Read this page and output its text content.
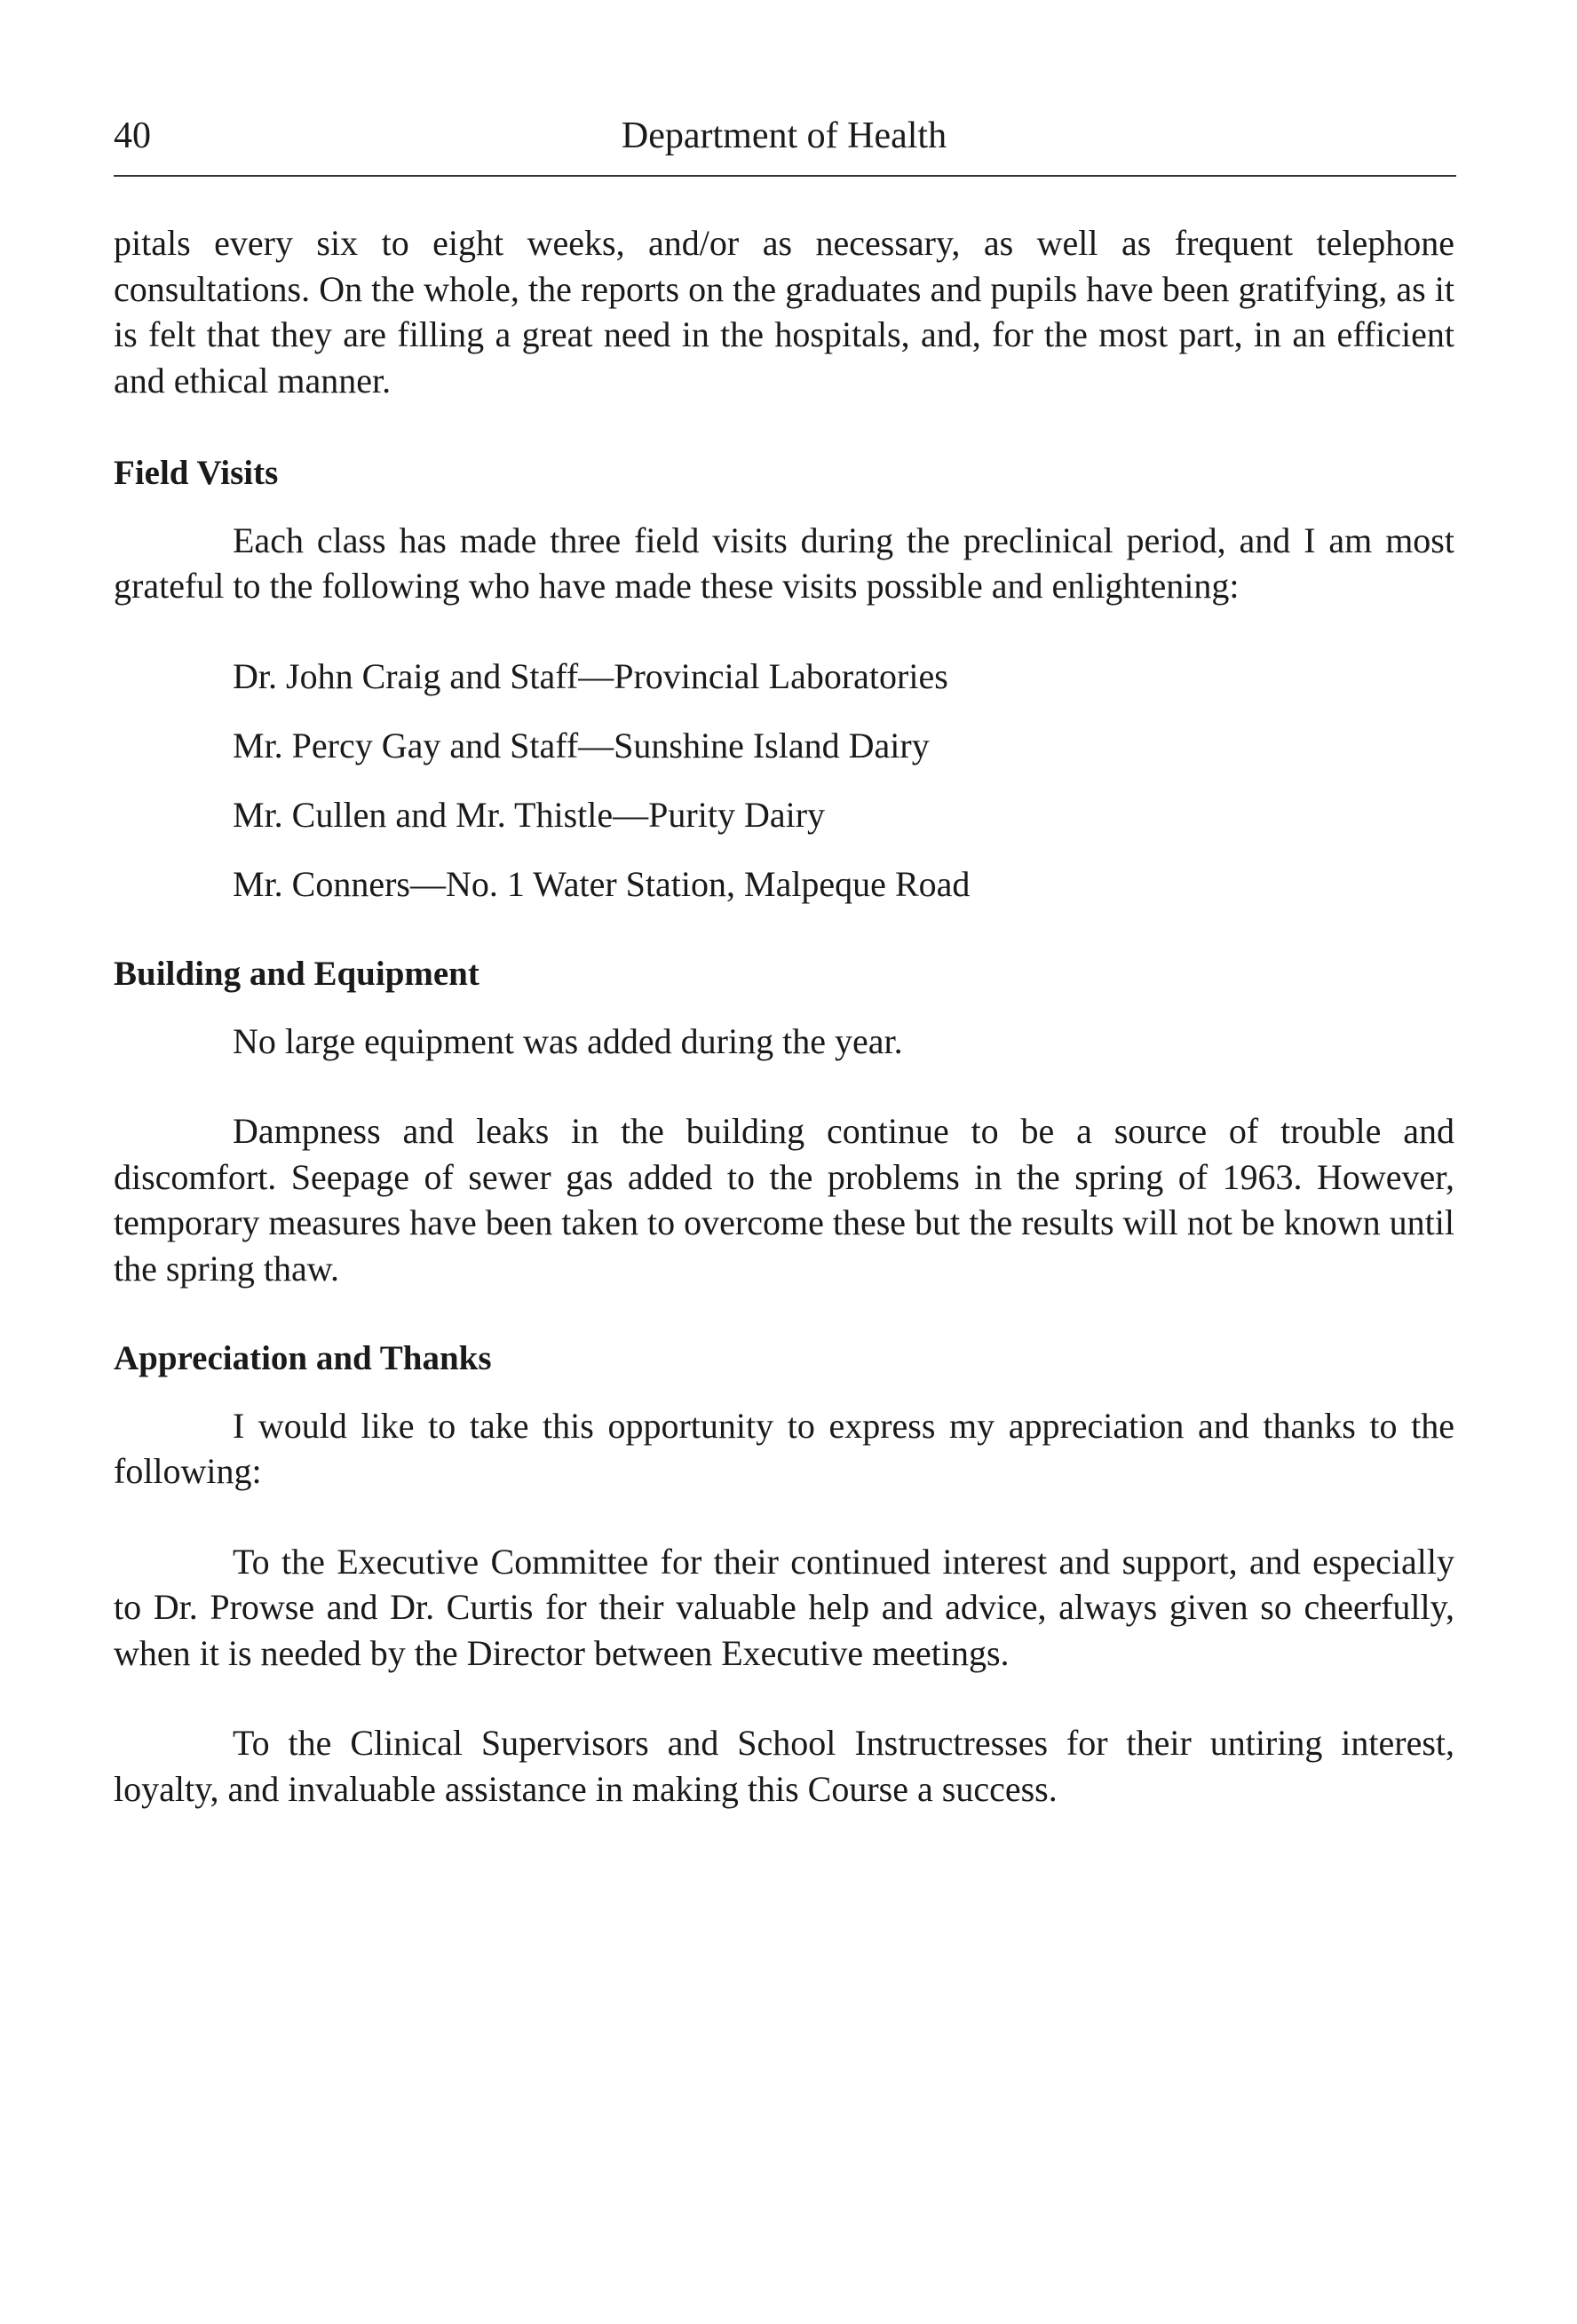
40	Department of Health

pitals every six to eight weeks, and/or as necessary, as well as frequent telephone consultations. On the whole, the reports on the graduates and pupils have been gratifying, as it is felt that they are filling a great need in the hospitals, and, for the most part, in an efficient and ethical manner.

Field Visits

Each class has made three field visits during the preclinical period, and I am most grateful to the following who have made these visits possible and enlightening:

Dr. John Craig and Staff—Provincial Laboratories
Mr. Percy Gay and Staff—Sunshine Island Dairy
Mr. Cullen and Mr. Thistle—Purity Dairy
Mr. Conners—No. 1 Water Station, Malpeque Road
Building and Equipment

No large equipment was added during the year.

Dampness and leaks in the building continue to be a source of trouble and discomfort. Seepage of sewer gas added to the problems in the spring of 1963. However, temporary measures have been taken to overcome these but the results will not be known until the spring thaw.

Appreciation and Thanks

I would like to take this opportunity to express my appreciation and thanks to the following:

To the Executive Committee for their continued interest and support, and especially to Dr. Prowse and Dr. Curtis for their valuable help and advice, always given so cheerfully, when it is needed by the Director between Executive meetings.

To the Clinical Supervisors and School Instructresses for their untiring interest, loyalty, and invaluable assistance in making this Course a success.
